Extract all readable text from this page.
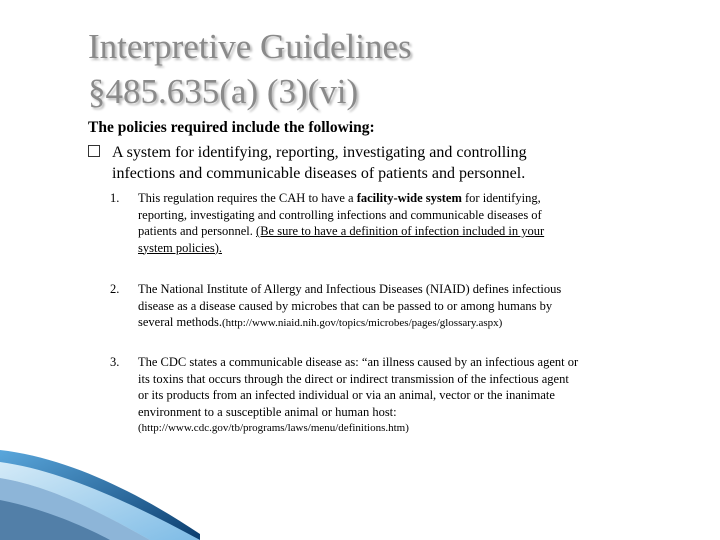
Interpretive Guidelines
§485.635(a) (3)(vi)
The policies required include the following:
A system for identifying, reporting, investigating and controlling
infections and communicable diseases of patients and personnel.
1. This regulation requires the CAH to have a facility-wide system for identifying,
reporting, investigating and controlling infections and communicable diseases of
patients and personnel. (Be sure to have a definition of infection included in your
system policies).
2. The National Institute of Allergy and Infectious Diseases (NIAID) defines infectious
disease as a disease caused by microbes that can be passed to or among humans by
several methods.(http://www.niaid.nih.gov/topics/microbes/pages/glossary.aspx)
3. The CDC states a communicable disease as: “an illness caused by an infectious agent or
its toxins that occurs through the direct or indirect transmission of the infectious agent
or its products from an infected individual or via an animal, vector or the inanimate
environment to a susceptible animal or human host:
(http://www.cdc.gov/tb/programs/laws/menu/definitions.htm)
